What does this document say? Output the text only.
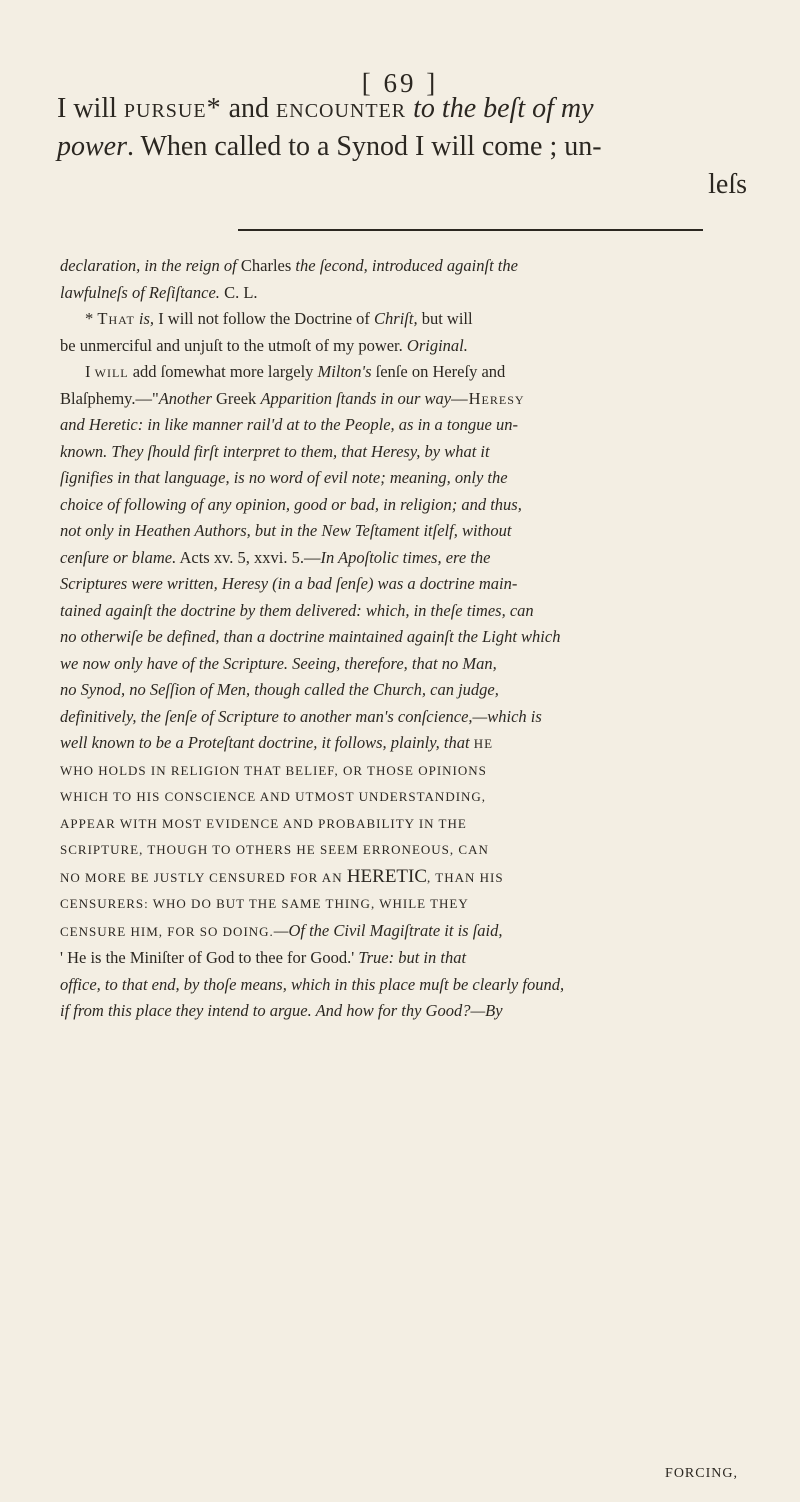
[ 69 ]
I will pursue* and encounter to the beſt of my
power. When called to a Synod I will come ; un-
leſs

declaration, in the reign of Charles the ſecond, introduced againſt the
lawfulneſs of Reſiſtance. C. L.

* That is, I will not follow the Doctrine of Chriſt, but will
be unmerciful and unjuſt to the utmoſt of my power. Original.

I will add ſomewhat more largely Milton's ſenſe on Hereſy and
Blaſphemy.—"Another Greek Apparition ſtands in our way—Heresy
and Heretic: in like manner rail'd at to the People, as in a tongue un-
known. They ſhould firſt interpret to them, that Heresy, by what it
ſignifies in that language, is no word of evil note; meaning, only the
choice of following of any opinion, good or bad, in religion; and thus,
not only in Heathen Authors, but in the New Teſtament itſelf, without
cenſure or blame. Acts xv. 5, xxvi. 5.—In Apoſtolic times, ere the
Scriptures were written, Heresy (in a bad ſenſe) was a doctrine main-
tained againſt the doctrine by them delivered: which, in theſe times, can
no otherwiſe be defined, than a doctrine maintained againſt the Light which
we now only have of the Scripture. Seeing, therefore, that no Man,
no Synod, no Seſſion of Men, though called the Church, can judge,
definitively, the ſenſe of Scripture to another man's conſcience,—which is
well known to be a Proteſtant doctrine, it follows, plainly, that HE
WHO HOLDS IN RELIGION THAT BELIEF, OR THOSE OPINIONS
WHICH TO HIS CONSCIENCE AND UTMOST UNDERSTANDING,
APPEAR WITH MOST EVIDENCE AND PROBABILITY IN THE
SCRIPTURE, THOUGH TO OTHERS HE SEEM ERRONEOUS, CAN
NO MORE BE JUSTLY CENSURED FOR AN HERETIC, THAN HIS
CENSURERS: WHO DO BUT THE SAME THING, WHILE THEY
CENSURE HIM, FOR SO DOING.—Of the Civil Magiſtrate it is ſaid,
' He is the Miniſter of God to thee for Good.' True: but in that
office, to that end, by thoſe means, which in this place muſt be clearly found,
if from this place they intend to argue. And how for thy Good?—By

FORCING,
